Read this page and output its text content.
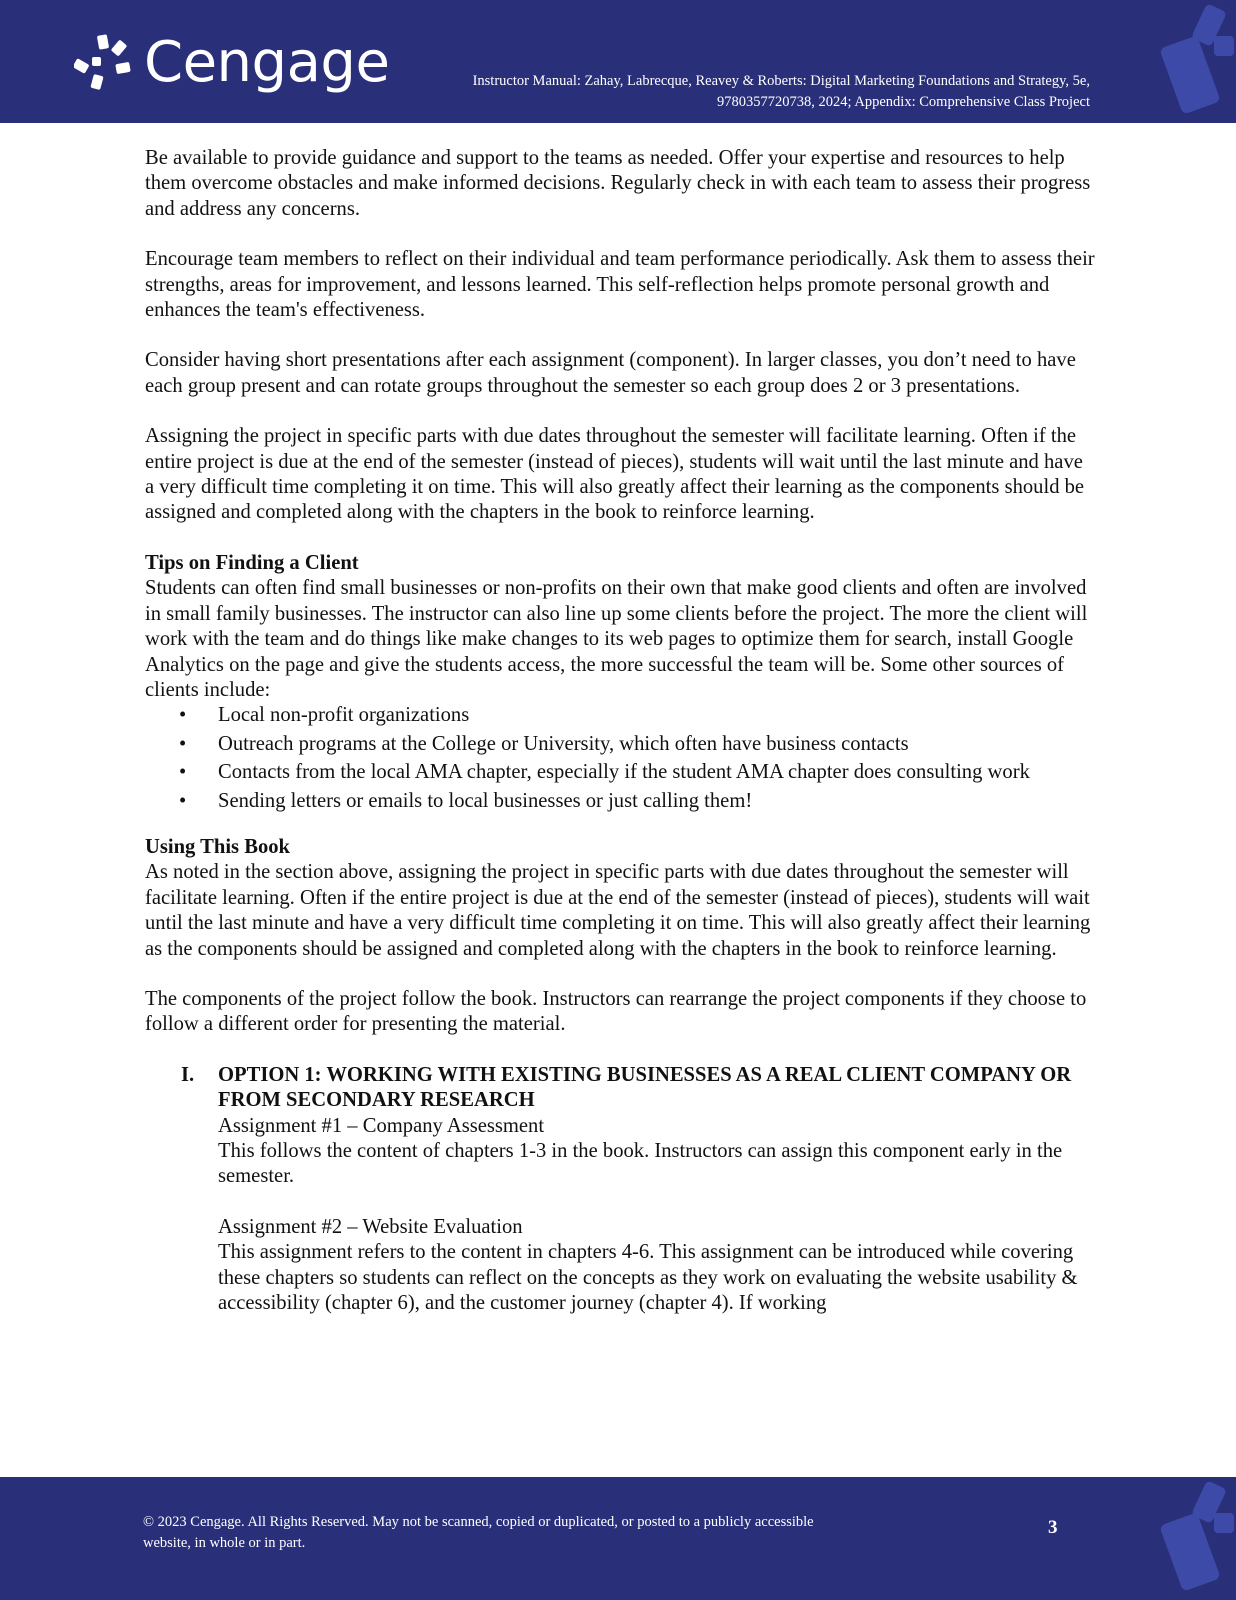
Cengage	Instructor Manual: Zahay, Labrecque, Reavey & Roberts: Digital Marketing Foundations and Strategy, 5e,
9780357720738, 2024; Appendix: Comprehensive Class Project

Be available to provide guidance and support to the teams as needed. Offer your expertise and resources to help them overcome obstacles and make informed decisions. Regularly check in with each team to assess their progress and address any concerns.

Encourage team members to reflect on their individual and team performance periodically. Ask them to assess their strengths, areas for improvement, and lessons learned. This self-reflection helps promote personal growth and enhances the team's effectiveness.

Consider having short presentations after each assignment (component). In larger classes, you don’t need to have each group present and can rotate groups throughout the semester so each group does 2 or 3 presentations.

Assigning the project in specific parts with due dates throughout the semester will facilitate learning. Often if the entire project is due at the end of the semester (instead of pieces), students will wait until the last minute and have a very difficult time completing it on time. This will also greatly affect their learning as the components should be assigned and completed along with the chapters in the book to reinforce learning.

Tips on Finding a Client

Students can often find small businesses or non-profits on their own that make good clients and often are involved in small family businesses. The instructor can also line up some clients before the project. The more the client will work with the team and do things like make changes to its web pages to optimize them for search, install Google Analytics on the page and give the students access, the more successful the team will be. Some other sources of clients include:

• Local non-profit organizations
• Outreach programs at the College or University, which often have business contacts
• Contacts from the local AMA chapter, especially if the student AMA chapter does consulting work
• Sending letters or emails to local businesses or just calling them!
Using This Book

As noted in the section above, assigning the project in specific parts with due dates throughout the semester will facilitate learning. Often if the entire project is due at the end of the semester (instead of pieces), students will wait until the last minute and have a very difficult time completing it on time. This will also greatly affect their learning as the components should be assigned and completed along with the chapters in the book to reinforce learning.

The components of the project follow the book. Instructors can rearrange the project components if they choose to follow a different order for presenting the material.

I. OPTION 1: WORKING WITH EXISTING BUSINESSES AS A REAL CLIENT COMPANY OR FROM SECONDARY RESEARCH

Assignment #1 – Company Assessment

This follows the content of chapters 1-3 in the book. Instructors can assign this component early in the semester.

Assignment #2 – Website Evaluation

This assignment refers to the content in chapters 4-6. This assignment can be introduced while covering these chapters so students can reflect on the concepts as they work on evaluating the website usability & accessibility (chapter 6), and the customer journey (chapter 4). If working

© 2023 Cengage. All Rights Reserved. May not be scanned, copied or duplicated, or posted to a publicly accessible website, in whole or in part.
3
